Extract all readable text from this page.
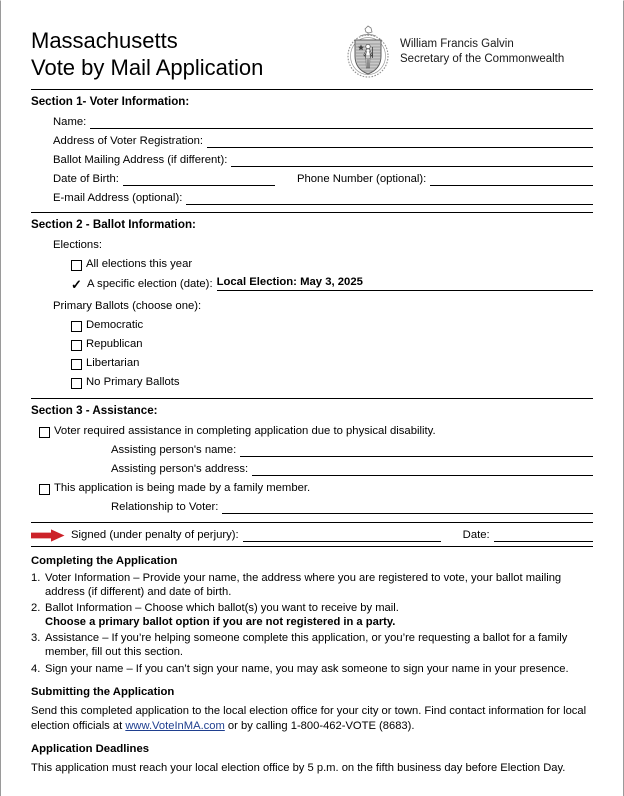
Massachusetts
Vote by Mail Application
William Francis Galvin
Secretary of the Commonwealth
Section 1- Voter Information:
Name:
Address of Voter Registration:
Ballot Mailing Address (if different):
Date of Birth:	Phone Number (optional):
E-mail Address (optional):
Section 2 - Ballot Information:
Elections:
All elections this year
✓ A specific election (date): Local Election: May 3, 2025
Primary Ballots (choose one):
Democratic
Republican
Libertarian
No Primary Ballots
Section 3 - Assistance:
Voter required assistance in completing application due to physical disability.
Assisting person's name:
Assisting person's address:
This application is being made by a family member.
Relationship to Voter:
Signed (under penalty of perjury):	Date:
Completing the Application
1. Voter Information – Provide your name, the address where you are registered to vote, your ballot mailing address (if different) and date of birth.
2. Ballot Information – Choose which ballot(s) you want to receive by mail.
Choose a primary ballot option if you are not registered in a party.
3. Assistance – If you’re helping someone complete this application, or you’re requesting a ballot for a family member, fill out this section.
4. Sign your name – If you can’t sign your name, you may ask someone to sign your name in your presence.
Submitting the Application
Send this completed application to the local election office for your city or town. Find contact information for local election officials at www.VoteInMA.com or by calling 1-800-462-VOTE (8683).
Application Deadlines
This application must reach your local election office by 5 p.m. on the fifth business day before Election Day.
